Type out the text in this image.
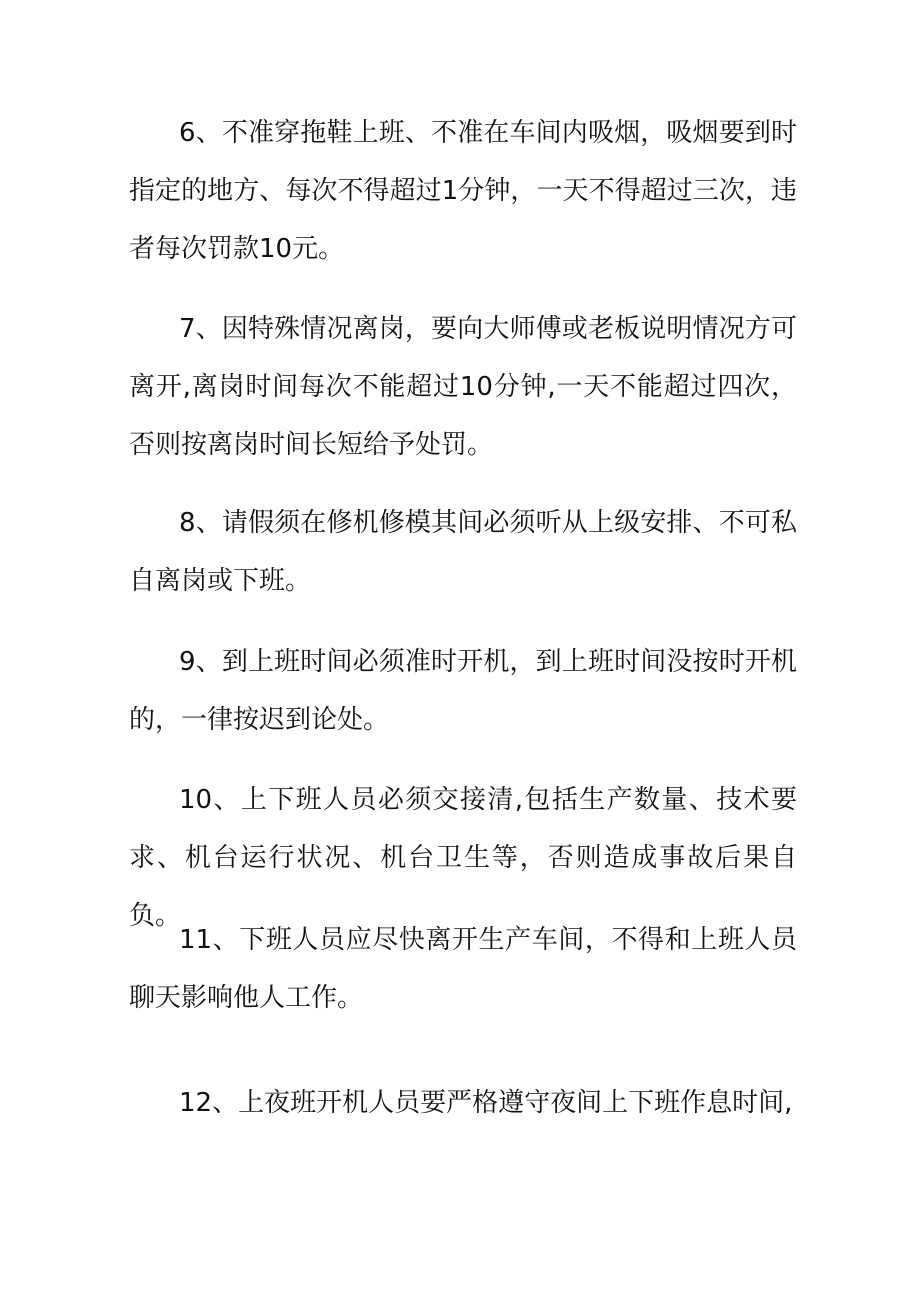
6、不准穿拖鞋上班、不准在车间内吸烟，吸烟要到时指定的地方、每次不得超过1分钟，一天不得超过三次，违者每次罚款10元。

7、因特殊情况离岗，要向大师傅或老板说明情况方可离开,离岗时间每次不能超过10分钟,一天不能超过四次，否则按离岗时间长短给予处罚。

8、请假须在修机修模其间必须听从上级安排、不可私自离岗或下班。

9、到上班时间必须准时开机，到上班时间没按时开机的，一律按迟到论处。

10、上下班人员必须交接清,包括生产数量、技术要求、机台运行状况、机台卫生等，否则造成事故后果自负。

11、下班人员应尽快离开生产车间，不得和上班人员聊天影响他人工作。

12、上夜班开机人员要严格遵守夜间上下班作息时间,
